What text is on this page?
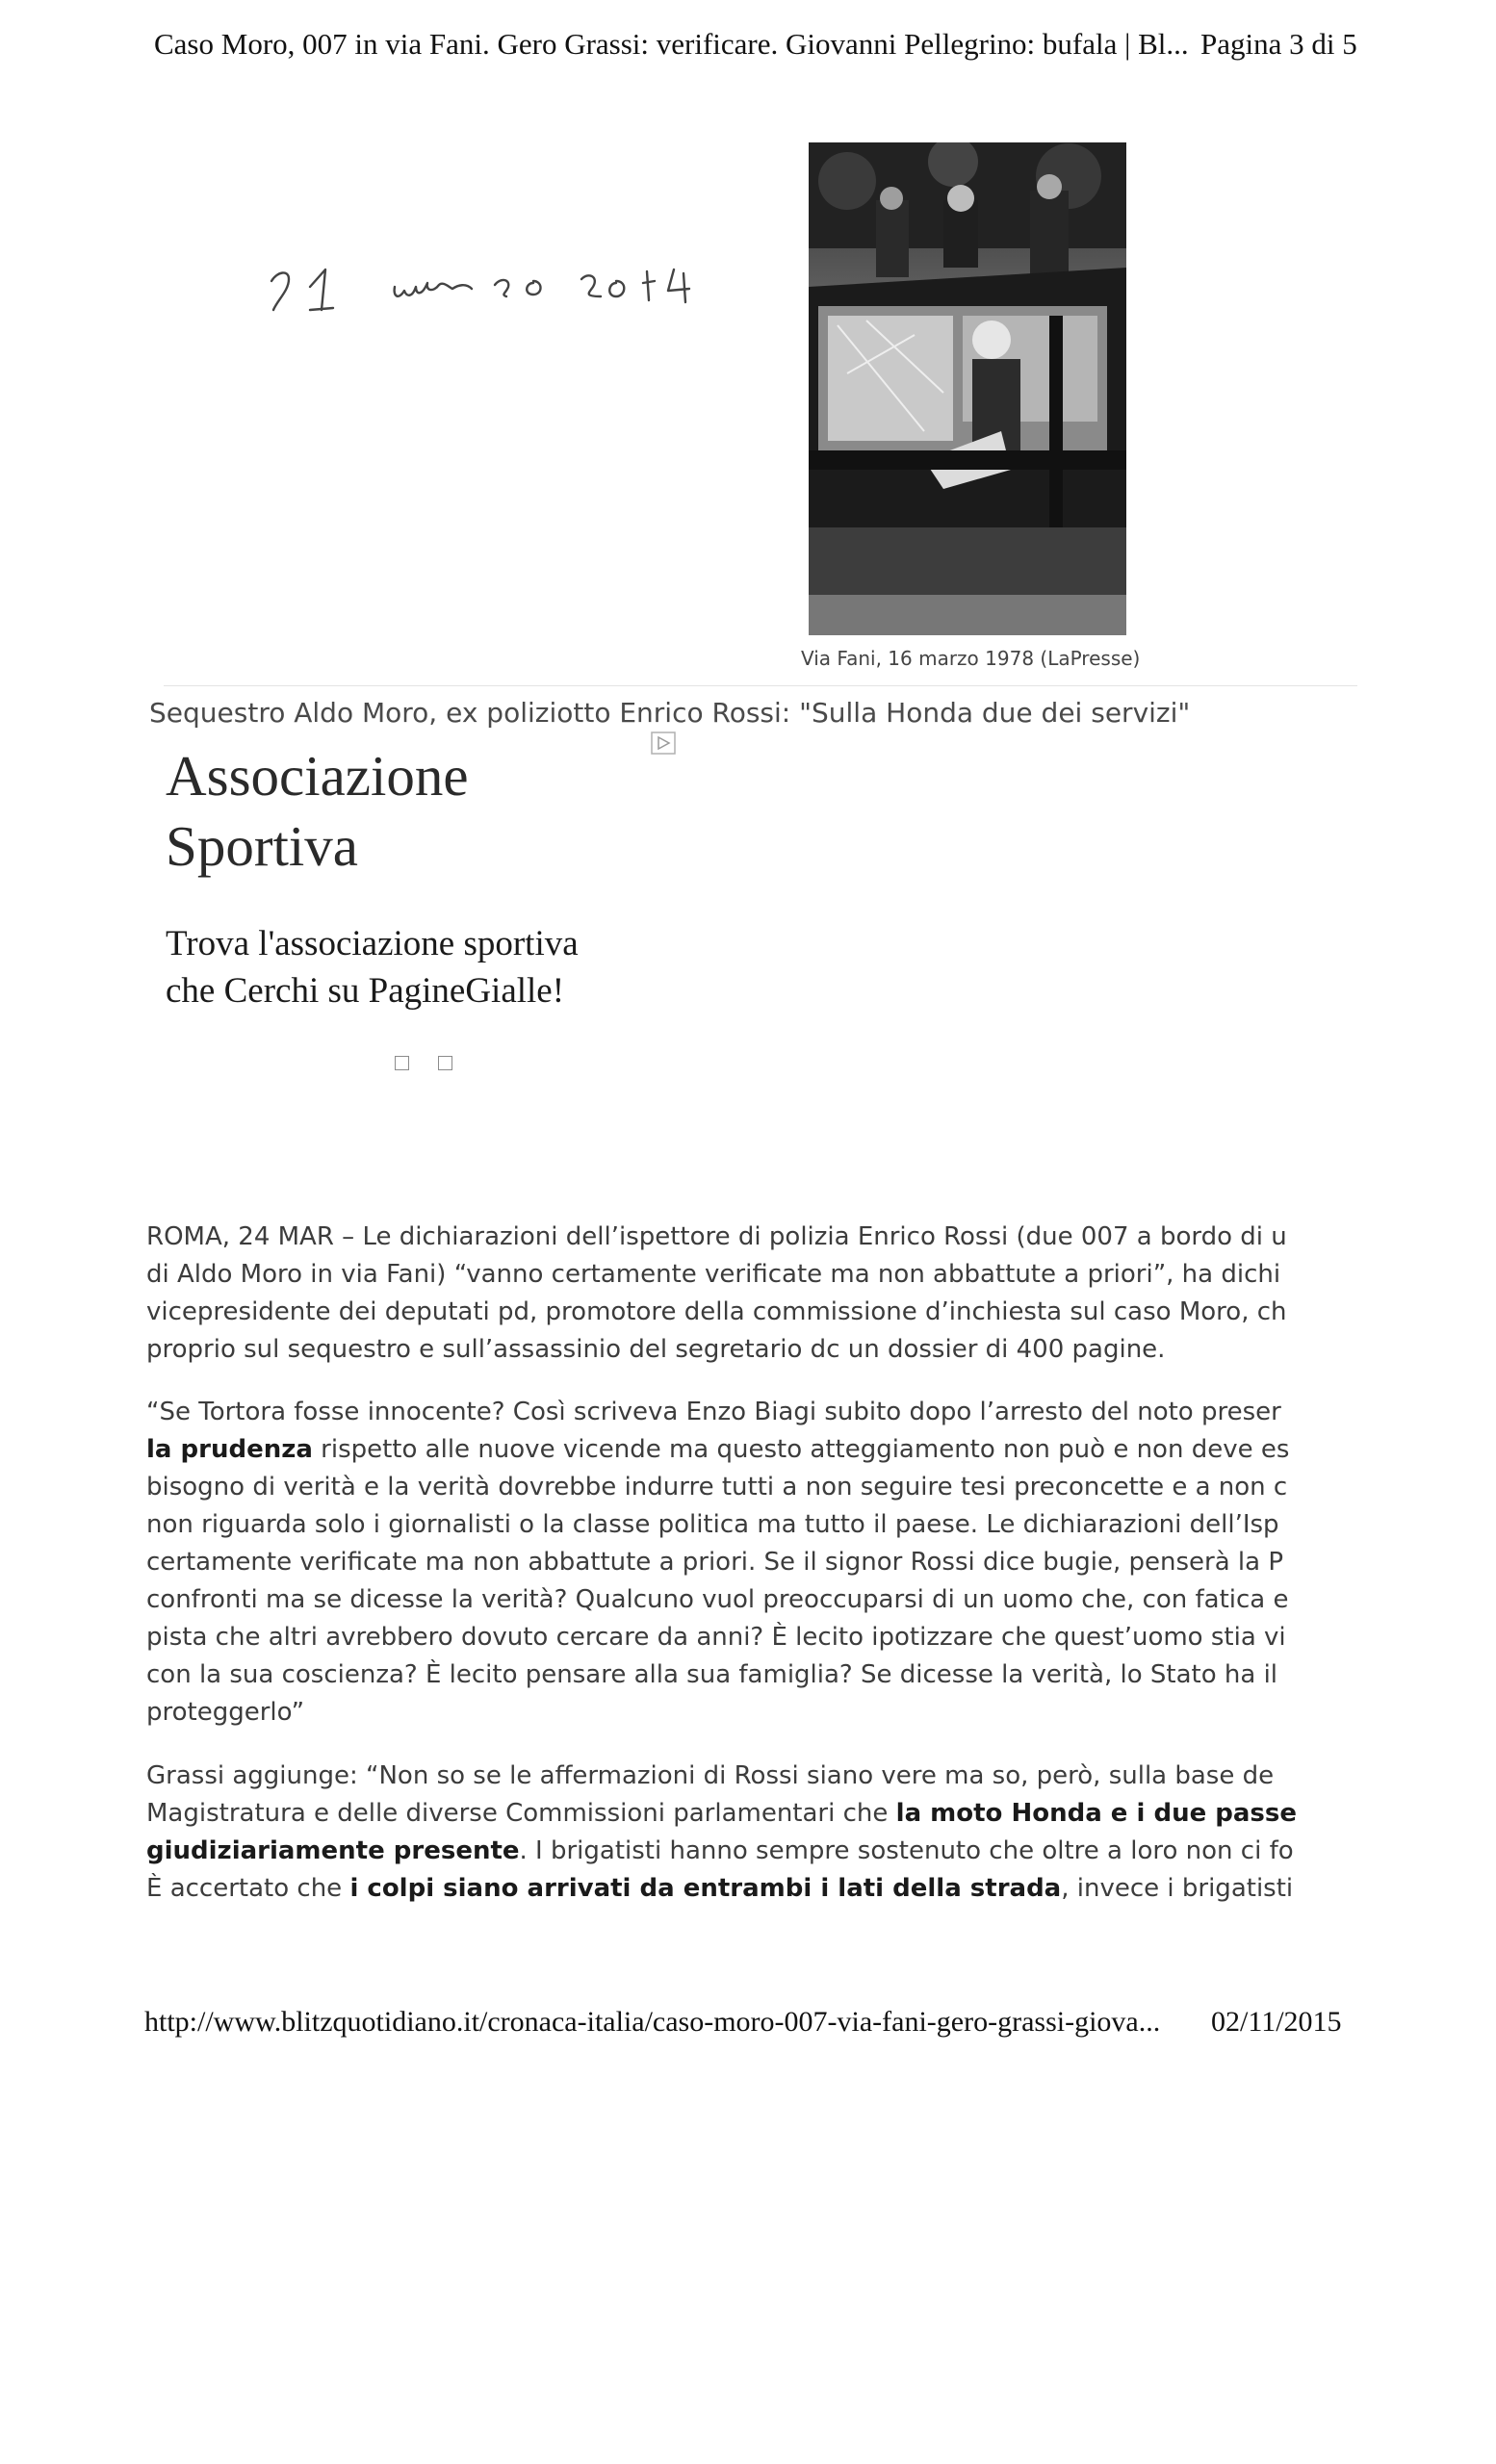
Caso Moro, 007 in via Fani. Gero Grassi: verificare. Giovanni Pellegrino: bufala | Bl... Pagina 3 di 5
Via Fani, 16 marzo 1978 (LaPresse)
Sequestro Aldo Moro, ex poliziotto Enrico Rossi: "Sulla Honda due dei servizi"
Associazione
Sportiva
Trova l'associazione sportiva
che Cerchi su PagineGialle!
ROMA, 24 MAR – Le dichiarazioni dell’ispettore di polizia Enrico Rossi (due 007 a bordo di u
di Aldo Moro in via Fani) “vanno certamente verificate ma non abbattute a priori”, ha dichi
vicepresidente dei deputati pd, promotore della commissione d’inchiesta sul caso Moro, ch
proprio sul sequestro e sull’assassinio del segretario dc un dossier di 400 pagine.
“Se Tortora fosse innocente? Così scriveva Enzo Biagi subito dopo l’arresto del noto preser
la prudenza rispetto alle nuove vicende ma questo atteggiamento non può e non deve es
bisogno di verità e la verità dovrebbe indurre tutti a non seguire tesi preconcette e a non c
non riguarda solo i giornalisti o la classe politica ma tutto il paese. Le dichiarazioni dell’Isp
certamente verificate ma non abbattute a priori. Se il signor Rossi dice bugie, penserà la P
confronti ma se dicesse la verità? Qualcuno vuol preoccuparsi di un uomo che, con fatica e
pista che altri avrebbero dovuto cercare da anni? È lecito ipotizzare che quest’uomo stia vi
con la sua coscienza? È lecito pensare alla sua famiglia? Se dicesse la verità, lo Stato ha il
proteggerlo”
Grassi aggiunge: “Non so se le affermazioni di Rossi siano vere ma so, però, sulla base de
Magistratura e delle diverse Commissioni parlamentari che la moto Honda e i due passe
giudiziariamente presente. I brigatisti hanno sempre sostenuto che oltre a loro non ci fo
È accertato che i colpi siano arrivati da entrambi i lati della strada, invece i brigatisti
http://www.blitzquotidiano.it/cronaca-italia/caso-moro-007-via-fani-gero-grassi-giova... 02/11/2015
